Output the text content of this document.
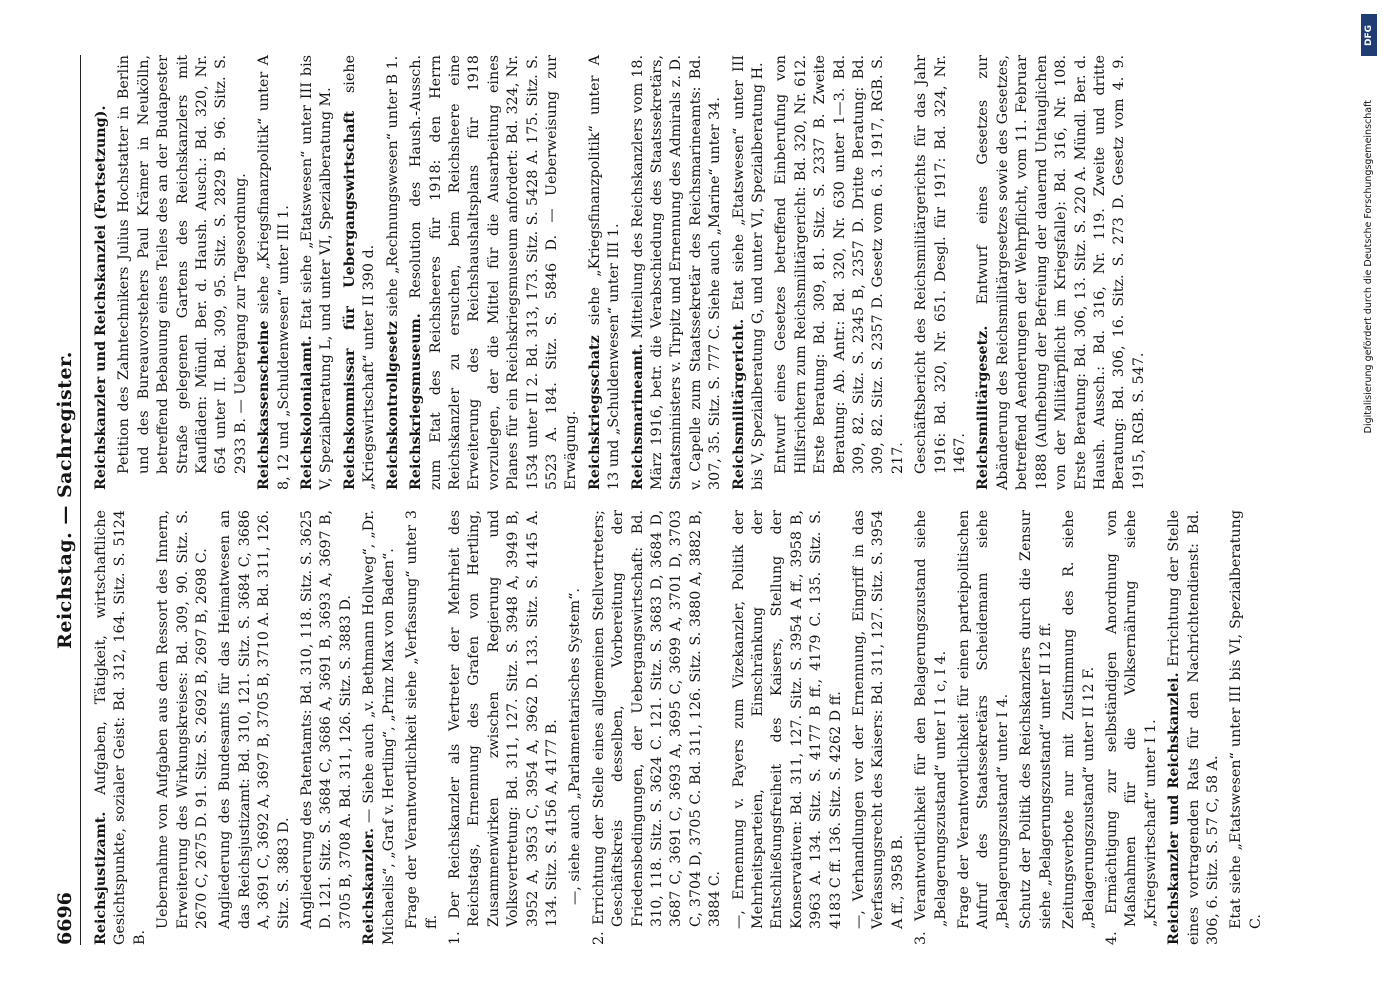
6696
Reichstag. — Sachregister.

Reichsjustizamt. Aufgaben, Tätigkeit, wirtschaftliche Gesichtspunkte, sozialer Geist: Bd. 312, 164. Sitz. S. 5124 B.

Uebernahme von Aufgaben aus dem Ressort des Innern, Erweiterung des Wirkungskreises: Bd. 309, 90. Sitz. S. 2670 C, 2675 D. 91. Sitz. S. 2692 B, 2697 B, 2698 C. Angliederung des Bundesamts für das Heimatwesen an das Reichsjustizamt: Bd. 310, 121. Sitz. S. 3684 C, 3686 A, 3691 C, 3692 A, 3697 B, 3705 B, 3710 A. Bd. 311, 126. Sitz. S. 3883 D. Angliederung des Patentamts: Bd. 310, 118. Sitz. S. 3625 D. 121. Sitz. S. 3684 C, 3686 A, 3691 B, 3693 A, 3697 B, 3705 B, 3708 A. Bd. 311, 126. Sitz. S. 3883 D. Reichskanzler. — Siehe auch „v. Bethmann Hollweg“, „Dr. Michaelis“, „Graf v. Hertling“, „Prinz Max von Baden“. Frage der Verantwortlichkeit siehe „Verfassung“ unter 3 ff. 1. Der Reichskanzler als Vertreter der Mehrheit des Reichstags, Ernennung des Grafen von Hertling, Zusammenwirken zwischen Regierung und Volksvertretung: Bd. 311, 127. Sitz. S. 3948 A, 3949 B, 3952 A, 3953 C, 3954 A, 3962 D. 133. Sitz. S. 4145 A. 134. Sitz. S. 4156 A, 4177 B. —, siehe auch „Parlamentarisches System“. 2. Errichtung der Stelle eines allgemeinen Stellvertreters; Geschäftskreis desselben, Vorbereitung der Friedensbedingungen, der Uebergangswirtschaft: Bd. 310, 118. Sitz. S. 3624 C. 121. Sitz. S. 3683 D, 3684 D, 3687 C, 3691 C, 3693 A, 3695 C, 3699 A, 3701 D, 3703 C, 3704 D, 3705 C. Bd. 311, 126. Sitz. S. 3880 A, 3882 B, 3884 C. —, Ernennung v. Payers zum Vizekanzler, Politik der Mehrheitsparteien, Einschränkung der Entschließungsfreiheit des Kaisers, Stellung der Konservativen: Bd. 311, 127. Sitz. S. 3954 A ff., 3958 B, 3963 A. 134. Sitz. S. 4177 B ff., 4179 C. 135. Sitz. S. 4183 C ff. 136. Sitz. S. 4262 D ff. —, Verhandlungen vor der Ernennung, Eingriff in das Verfassungsrecht des Kaisers: Bd. 311, 127. Sitz. S. 3954 A ff., 3958 B. 3. Verantwortlichkeit für den Belagerungszustand siehe „Belagerungszustand“ unter I 1 c, I 4. Frage der Verantwortlichkeit für einen parteipolitischen Aufruf des Staatssekretärs Scheidemann siehe „Belagerungszustand“ unter I 4. Schutz der Politik des Reichskanzlers durch die Zensur siehe „Belagerungszustand“ unter II 12 ff. Zeitungsverbote nur mit Zustimmung des R. siehe „Belagerungszustand“ unter II 12 F. 4. Ermächtigung zur selbständigen Anordnung von Maßnahmen für die Volksernährung siehe „Kriegswirtschaft“ unter I 1. Reichskanzler und Reichskanzlei. Errichtung der Stelle eines vortragenden Rats für den Nachrichtendienst: Bd. 306, 6. Sitz. S. 57 C, 58 A. Etat siehe „Etatswesen“ unter III bis VI, Spezialberatung C.

Reichskanzler und Reichskanzlei (Fortsetzung). Petition des Zahntechnikers Julius Hochstatter in Berlin und des Bureauvorstehers Paul Krämer in Neukölln, betreffend Bebauung eines Teiles des an der Budapester Straße gelegenen Gartens des Reichskanzlers mit Kaufläden: Mündl. Ber. d. Haush. Ausch.: Bd. 320, Nr. 654 unter II. Bd. 309, 95. Sitz. S. 2829 B. 96. Sitz. S. 2933 B. — Uebergang zur Tagesordnung. Reichskassenscheine siehe „Kriegsfinanzpolitik“ unter A 8, 12 und „Schuldenwesen“ unter III 1. Reichskolonialamt. Etat siehe „Etatswesen“ unter III bis V, Spezialberatung L, und unter VI, Spezialberatung M. Reichskommissar für Uebergangswirtschaft siehe „Kriegswirtschaft“ unter II 390 d. Reichskontrollgesetz siehe „Rechnungswesen“ unter B 1.

Reichskriegsmuseum. Resolution des Haush.-Aussch. zum Etat des Reichsheeres für 1918: den Herrn Reichskanzler zu ersuchen, beim Reichsheere eine Erweiterung des Reichshaushaltsplans für 1918 vorzulegen, der die Mittel für die Ausarbeitung eines Planes für ein Reichskriegsmuseum anfordert: Bd. 324, Nr. 1534 unter II 2. Bd. 313, 173. Sitz. S. 5428 A. 175. Sitz. S. 5523 A. 184. Sitz. S. 5846 D. — Ueberweisung zur Erwägung. Reichskriegsschatz siehe „Kriegsfinanzpolitik“ unter A 13 und „Schuldenwesen“ unter III 1. Reichsmarineamt. Mitteilung des Reichskanzlers vom 18. März 1916, betr. die Verabschiedung des Staatssekretärs, Staatsministers v. Tirpitz und Ernennung des Admirals z. D. v. Capelle zum Staatssekretär des Reichsmarineamts: Bd. 307, 35. Sitz. S. 777 C. Siehe auch „Marine“ unter 34. Reichsmilitärgericht. Etat siehe „Etatswesen“ unter III bis V, Spezialberatung G, und unter VI, Spezialberatung H. Entwurf eines Gesetzes betreffend Einberufung von Hilfsrichtern zum Reichsmilitärgericht: Bd. 320, Nr. 612. Erste Beratung: Bd. 309, 81. Sitz. S. 2337 B. Zweite Beratung: Ab. Antr.: Bd. 320, Nr. 630 unter 1—3. Bd. 309, 82. Sitz. S. 2345 B, 2357 D. Dritte Beratung: Bd. 309, 82. Sitz. S. 2357 D. Gesetz vom 6. 3. 1917, RGB. S. 217. Geschäftsbericht des Reichsmilitärgerichts für das Jahr 1916: Bd. 320, Nr. 651. Desgl. für 1917: Bd. 324, Nr. 1467. Reichsmilitärgesetz. Entwurf eines Gesetzes zur Abänderung des Reichsmilitärgesetzes sowie des Gesetzes, betreffend Aenderungen der Wehrpflicht, vom 11. Februar 1888 (Aufhebung der Befreiung der dauernd Untauglichen von der Militärpflicht im Kriegsfalle): Bd. 316, Nr. 108. Erste Beratung: Bd. 306, 13. Sitz. S. 220 A. Mündl. Ber. d. Haush. Aussch.: Bd. 316, Nr. 119. Zweite und dritte Beratung: Bd. 306, 16. Sitz. S. 273 D. Gesetz vom 4. 9. 1915, RGB. S. 547.

DFG
Digitalisierung gefördert durch die Deutsche Forschungsgemeinschaft
